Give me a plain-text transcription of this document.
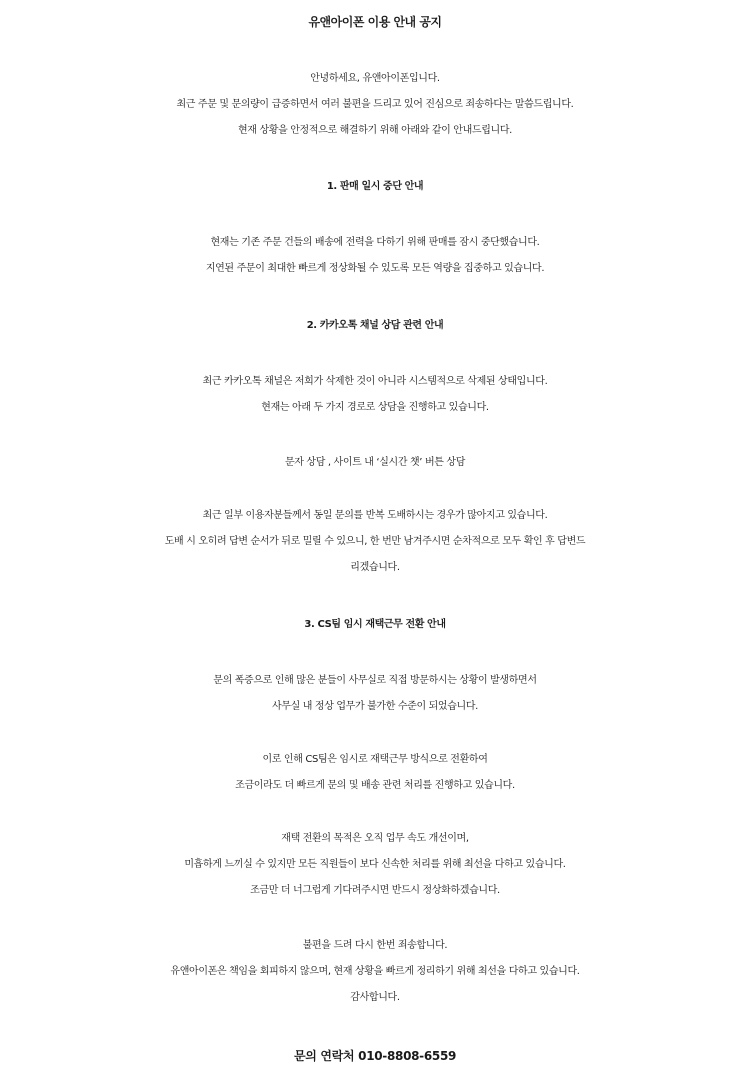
유앤아이폰 이용 안내 공지

안녕하세요, 유앤아이폰입니다.

최근 주문 및 문의량이 급증하면서 여러 불편을 드리고 있어 진심으로 죄송하다는 말씀드립니다.

현재 상황을 안정적으로 해결하기 위해 아래와 같이 안내드립니다.

1. 판매 일시 중단 안내

현재는 기존 주문 건들의 배송에 전력을 다하기 위해 판매를 잠시 중단했습니다.

지연된 주문이 최대한 빠르게 정상화될 수 있도록 모든 역량을 집중하고 있습니다.

2. 카카오톡 채널 상담 관련 안내

최근 카카오톡 채널은 저희가 삭제한 것이 아니라 시스템적으로 삭제된 상태입니다.

현재는 아래 두 가지 경로로 상담을 진행하고 있습니다.

문자 상담 , 사이트 내 ‘실시간 챗’ 버튼 상담

최근 일부 이용자분들께서 동일 문의를 반복 도배하시는 경우가 많아지고 있습니다.

도배 시 오히려 답변 순서가 뒤로 밀릴 수 있으니, 한 번만 남겨주시면 순차적으로 모두 확인 후 답변드

리겠습니다.

3. CS팀 임시 재택근무 전환 안내

문의 폭증으로 인해 많은 분들이 사무실로 직접 방문하시는 상황이 발생하면서

사무실 내 정상 업무가 불가한 수준이 되었습니다.

이로 인해 CS팀은 임시로 재택근무 방식으로 전환하여

조금이라도 더 빠르게 문의 및 배송 관련 처리를 진행하고 있습니다.

재택 전환의 목적은 오직 업무 속도 개선이며,

미흡하게 느끼실 수 있지만 모든 직원들이 보다 신속한 처리를 위해 최선을 다하고 있습니다.

조금만 더 너그럽게 기다려주시면 반드시 정상화하겠습니다.

불편을 드려 다시 한번 죄송합니다.

유앤아이폰은 책임을 회피하지 않으며, 현재 상황을 빠르게 정리하기 위해 최선을 다하고 있습니다.

감사합니다.

문의 연락처 010-8808-6559
